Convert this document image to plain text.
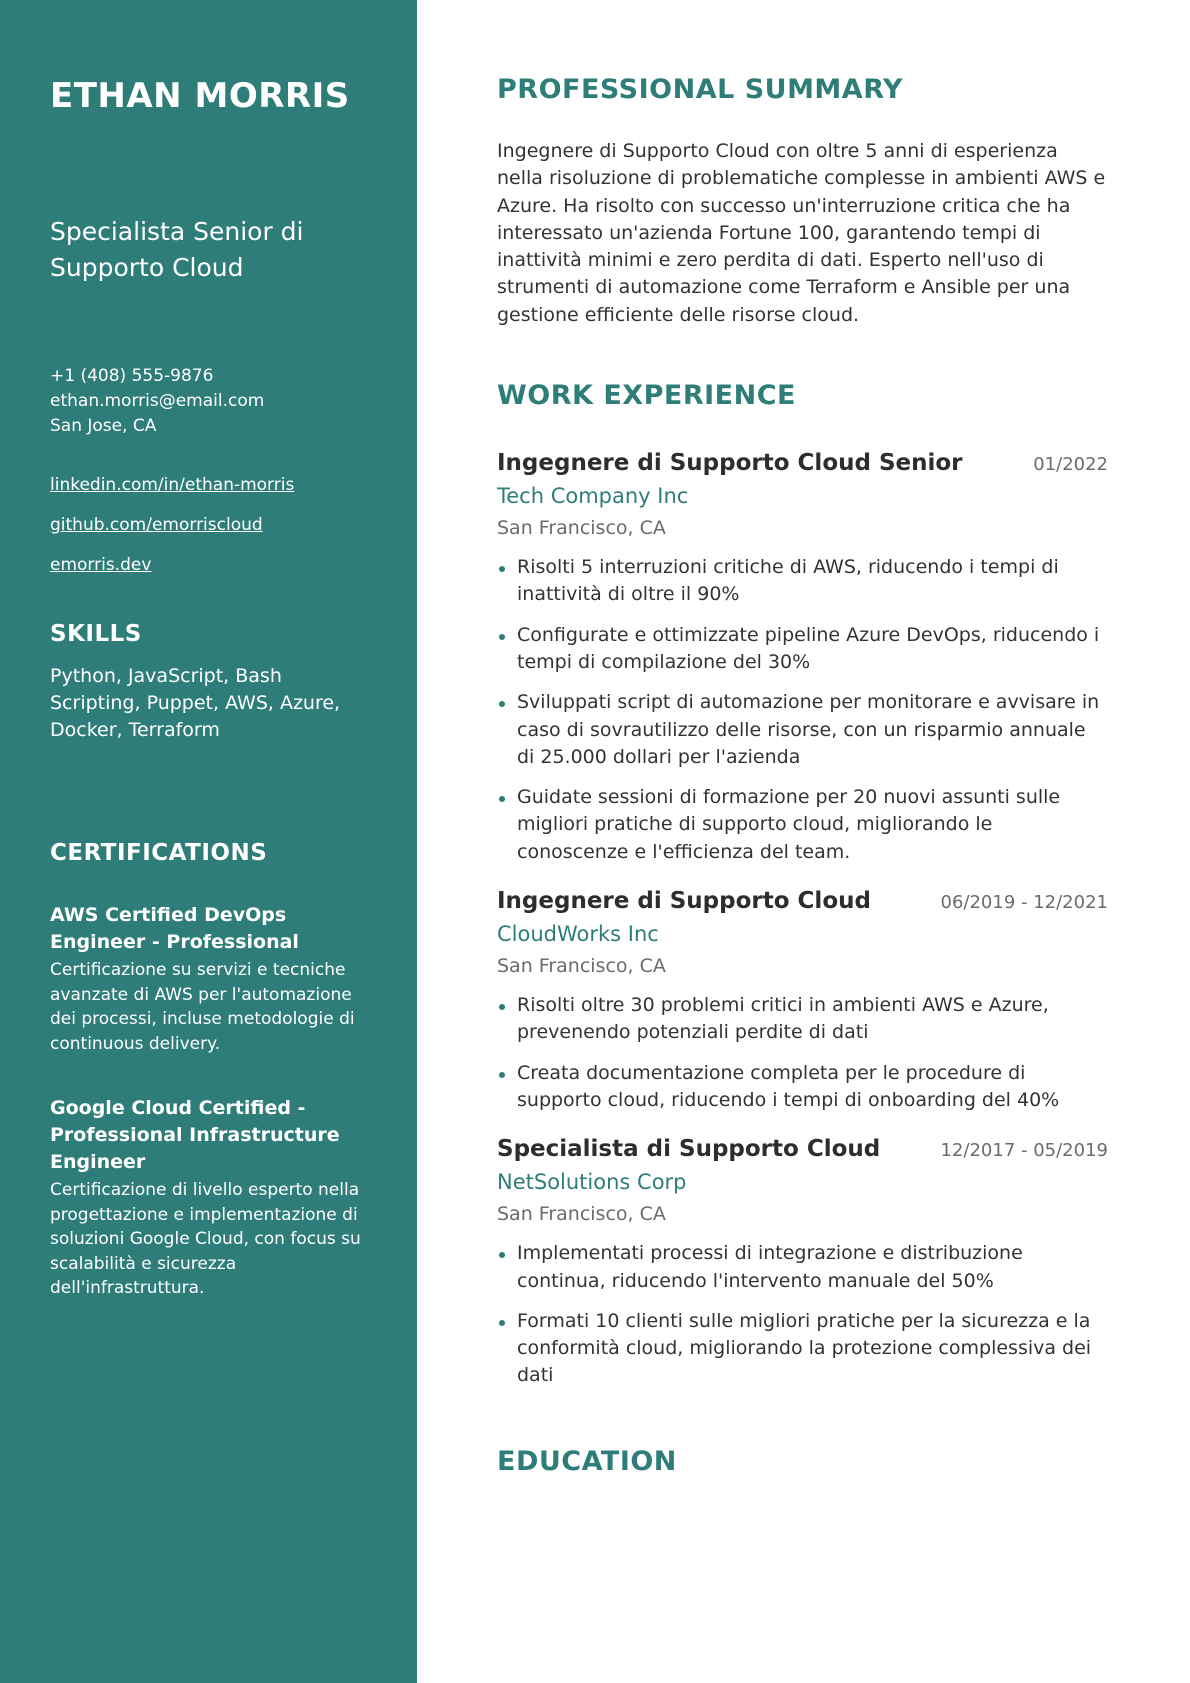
ETHAN MORRIS
Specialista Senior di Supporto Cloud
+1 (408) 555-9876
ethan.morris@email.com
San Jose, CA
linkedin.com/in/ethan-morris
github.com/emorriscloud
emorris.dev
SKILLS
Python, JavaScript, Bash Scripting, Puppet, AWS, Azure, Docker, Terraform
CERTIFICATIONS
AWS Certified DevOps Engineer - Professional
Certificazione su servizi e tecniche avanzate di AWS per l'automazione dei processi, incluse metodologie di continuous delivery.
Google Cloud Certified - Professional Infrastructure Engineer
Certificazione di livello esperto nella progettazione e implementazione di soluzioni Google Cloud, con focus su scalabilità e sicurezza dell'infrastruttura.
PROFESSIONAL SUMMARY

Ingegnere di Supporto Cloud con oltre 5 anni di esperienza nella risoluzione di problematiche complesse in ambienti AWS e Azure. Ha risolto con successo un'interruzione critica che ha interessato un'azienda Fortune 100, garantendo tempi di inattività minimi e zero perdita di dati. Esperto nell'uso di strumenti di automazione come Terraform e Ansible per una gestione efficiente delle risorse cloud.

WORK EXPERIENCE
Ingegnere di Supporto Cloud Senior	01/2022
Tech Company Inc
San Francisco, CA
Risolti 5 interruzioni critiche di AWS, riducendo i tempi di inattività di oltre il 90%
Configurate e ottimizzate pipeline Azure DevOps, riducendo i tempi di compilazione del 30%
Sviluppati script di automazione per monitorare e avvisare in caso di sovrautilizzo delle risorse, con un risparmio annuale di 25.000 dollari per l'azienda
Guidate sessioni di formazione per 20 nuovi assunti sulle migliori pratiche di supporto cloud, migliorando le conoscenze e l'efficienza del team.
Ingegnere di Supporto Cloud	06/2019 - 12/2021
CloudWorks Inc
San Francisco, CA
Risolti oltre 30 problemi critici in ambienti AWS e Azure, prevenendo potenziali perdite di dati
Creata documentazione completa per le procedure di supporto cloud, riducendo i tempi di onboarding del 40%
Specialista di Supporto Cloud	12/2017 - 05/2019
NetSolutions Corp
San Francisco, CA
Implementati processi di integrazione e distribuzione continua, riducendo l'intervento manuale del 50%
Formati 10 clienti sulle migliori pratiche per la sicurezza e la conformità cloud, migliorando la protezione complessiva dei dati
EDUCATION
